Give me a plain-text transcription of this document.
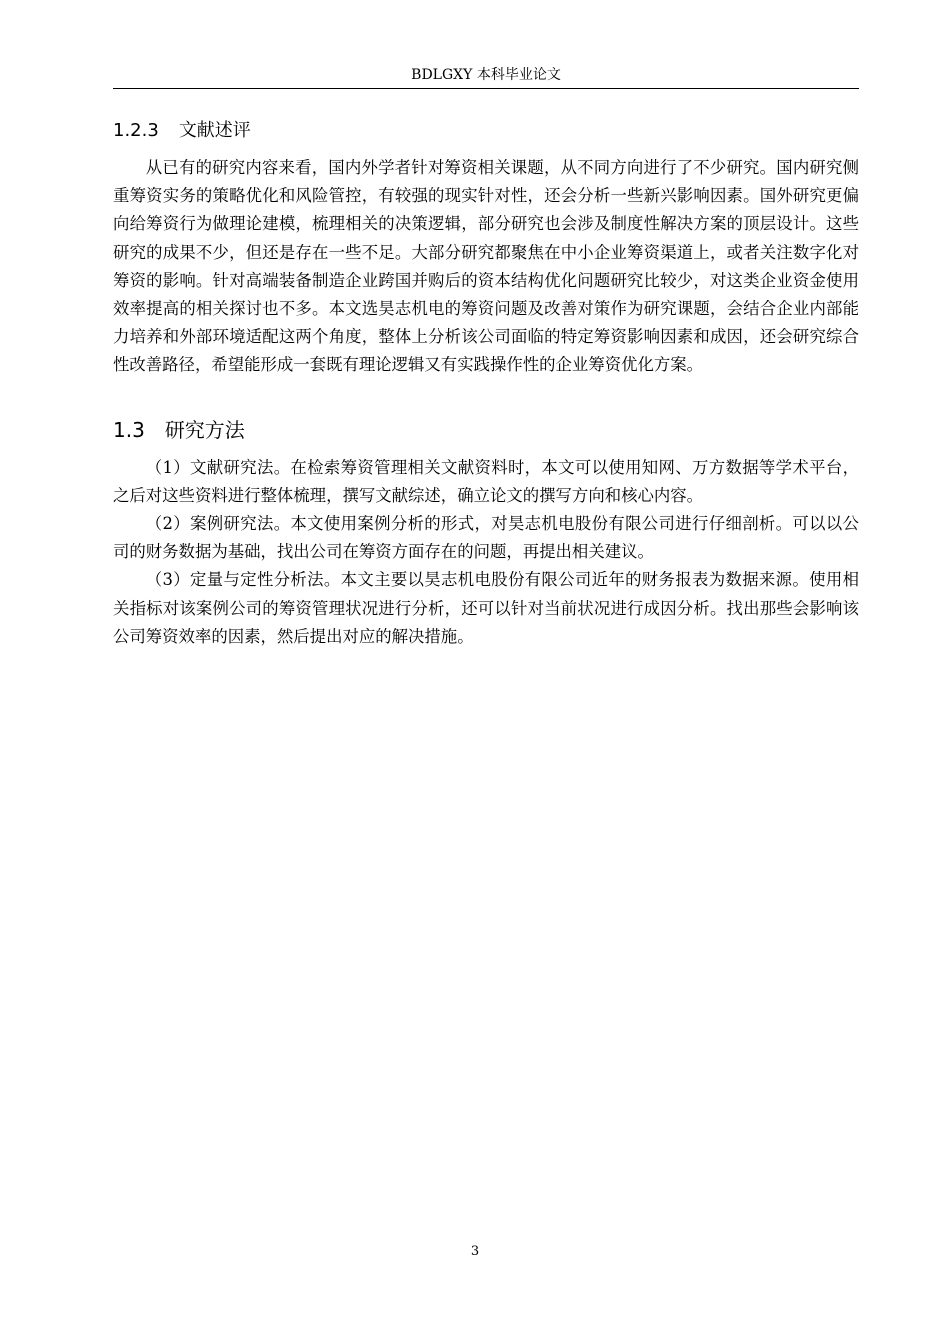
BDLGXY 本科毕业论文
1.2.3 文献述评

从已有的研究内容来看，国内外学者针对筹资相关课题，从不同方向进行了不少研究。国内研究侧重筹资实务的策略优化和风险管控，有较强的现实针对性，还会分析一些新兴影响因素。国外研究更偏向给筹资行为做理论建模，梳理相关的决策逻辑，部分研究也会涉及制度性解决方案的顶层设计。这些研究的成果不少，但还是存在一些不足。大部分研究都聚焦在中小企业筹资渠道上，或者关注数字化对筹资的影响。针对高端装备制造企业跨国并购后的资本结构优化问题研究比较少，对这类企业资金使用效率提高的相关探讨也不多。本文选昊志机电的筹资问题及改善对策作为研究课题，会结合企业内部能力培养和外部环境适配这两个角度，整体上分析该公司面临的特定筹资影响因素和成因，还会研究综合性改善路径，希望能形成一套既有理论逻辑又有实践操作性的企业筹资优化方案。

1.3 研究方法

（1）文献研究法。在检索筹资管理相关文献资料时，本文可以使用知网、万方数据等学术平台，之后对这些资料进行整体梳理，撰写文献综述，确立论文的撰写方向和核心内容。

（2）案例研究法。本文使用案例分析的形式，对昊志机电股份有限公司进行仔细剖析。可以以公司的财务数据为基础，找出公司在筹资方面存在的问题，再提出相关建议。

（3）定量与定性分析法。本文主要以昊志机电股份有限公司近年的财务报表为数据来源。使用相关指标对该案例公司的筹资管理状况进行分析，还可以针对当前状况进行成因分析。找出那些会影响该公司筹资效率的因素，然后提出对应的解决措施。

3
